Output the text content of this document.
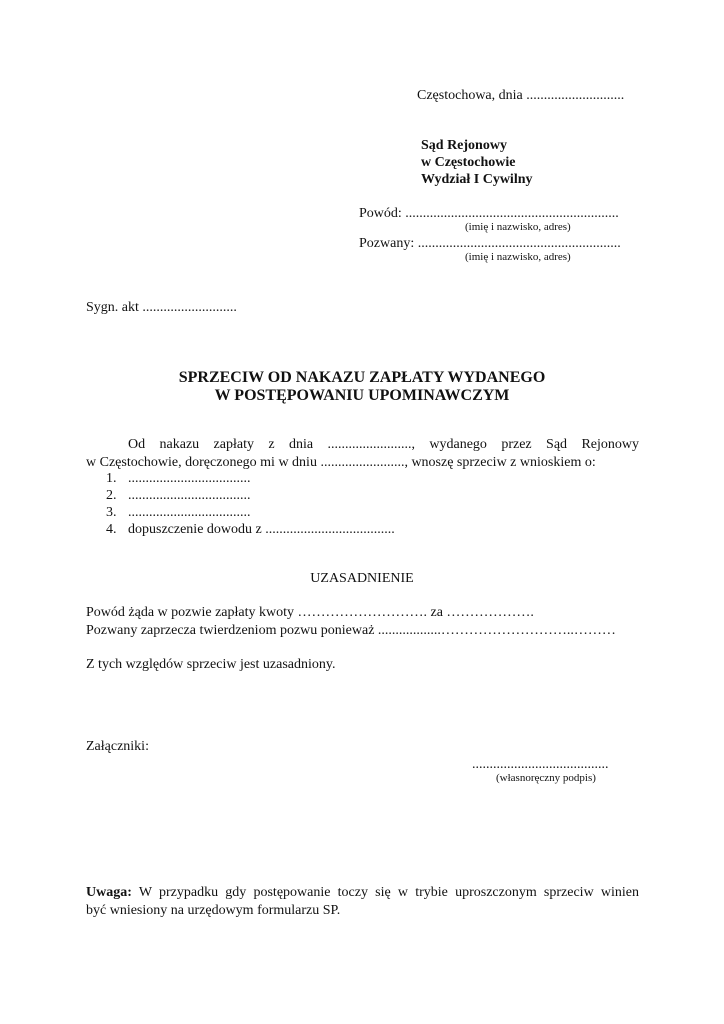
Częstochowa, dnia ............................
Sąd Rejonowy
w Częstochowie
Wydział I Cywilny
Powód: .............................................................
(imię i nazwisko, adres)
Pozwany: ..........................................................
(imię i nazwisko, adres)
Sygn. akt ...........................
SPRZECIW OD NAKAZU ZAPŁATY WYDANEGO
W POSTĘPOWANIU UPOMINAWCZYM
Od nakazu zapłaty z dnia ........................, wydanego przez Sąd Rejonowy
w Częstochowie, doręczonego mi w dniu ........................, wnoszę sprzeciw z wnioskiem o:
1. ...................................
2. ...................................
3. ...................................
4. dopuszczenie dowodu z .....................................
UZASADNIENIE
Powód żąda w pozwie zapłaty kwoty ………………………. za ……………….
Pozwany zaprzecza twierdzeniom pozwu ponieważ ..................………………………..………
Z tych względów sprzeciw jest uzasadniony.
Załączniki:
.......................................
(własnoręczny podpis)
Uwaga: W przypadku gdy postępowanie toczy się w trybie uproszczonym sprzeciw winien
być wniesiony na urzędowym formularzu SP.
